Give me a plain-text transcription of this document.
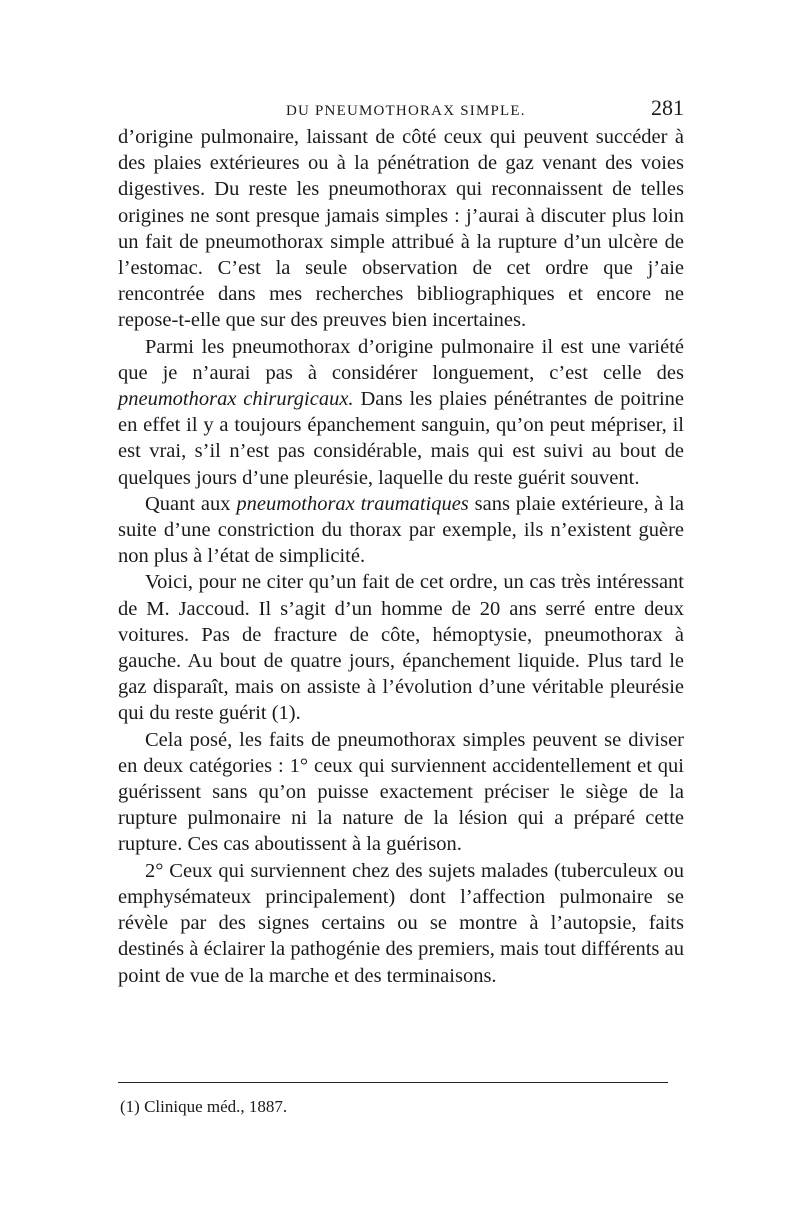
DU PNEUMOTHORAX SIMPLE.	281

d’origine pulmonaire, laissant de côté ceux qui peuvent succéder à des plaies extérieures ou à la pénétration de gaz venant des voies digestives. Du reste les pneumothorax qui reconnaissent de telles origines ne sont presque jamais simples : j’aurai à discuter plus loin un fait de pneumothorax simple attribué à la rupture d’un ulcère de l’estomac. C’est la seule observation de cet ordre que j’aie rencontrée dans mes recherches bibliographiques et encore ne repose-t-elle que sur des preuves bien incertaines.

Parmi les pneumothorax d’origine pulmonaire il est une variété que je n’aurai pas à considérer longuement, c’est celle des pneumothorax chirurgicaux. Dans les plaies pénétrantes de poitrine en effet il y a toujours épanchement sanguin, qu’on peut mépriser, il est vrai, s’il n’est pas considérable, mais qui est suivi au bout de quelques jours d’une pleurésie, laquelle du reste guérit souvent.

Quant aux pneumothorax traumatiques sans plaie extérieure, à la suite d’une constriction du thorax par exemple, ils n’existent guère non plus à l’état de simplicité.

Voici, pour ne citer qu’un fait de cet ordre, un cas très intéressant de M. Jaccoud. Il s’agit d’un homme de 20 ans serré entre deux voitures. Pas de fracture de côte, hémoptysie, pneumothorax à gauche. Au bout de quatre jours, épanchement liquide. Plus tard le gaz disparaît, mais on assiste à l’évolution d’une véritable pleurésie qui du reste guérit (1).

Cela posé, les faits de pneumothorax simples peuvent se diviser en deux catégories : 1° ceux qui surviennent accidentellement et qui guérissent sans qu’on puisse exactement préciser le siège de la rupture pulmonaire ni la nature de la lésion qui a préparé cette rupture. Ces cas aboutissent à la guérison.

2° Ceux qui surviennent chez des sujets malades (tuberculeux ou emphysémateux principalement) dont l’affection pulmonaire se révèle par des signes certains ou se montre à l’autopsie, faits destinés à éclairer la pathogénie des premiers, mais tout différents au point de vue de la marche et des terminaisons.

(1) Clinique méd., 1887.
